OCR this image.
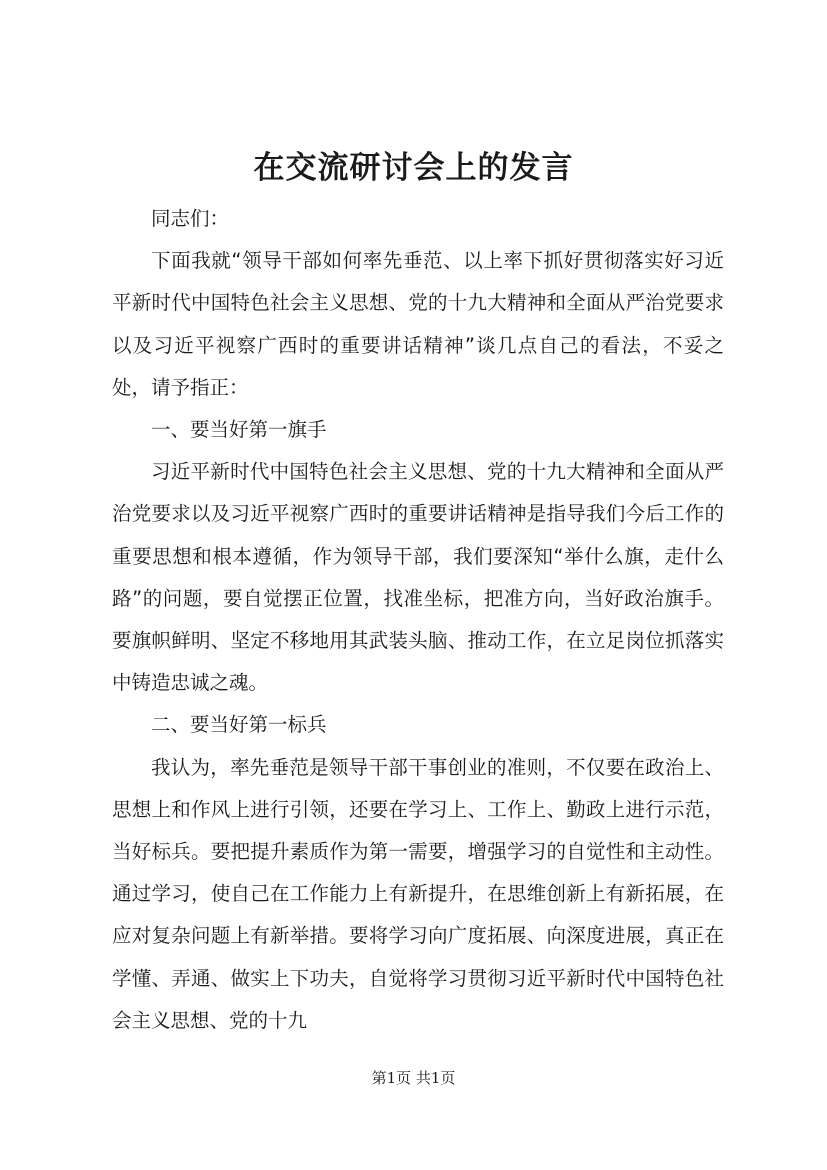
在交流研讨会上的发言

同志们：

下面我就“领导干部如何率先垂范、以上率下抓好贯彻落实好习近平新时代中国特色社会主义思想、党的十九大精神和全面从严治党要求以及习近平视察广西时的重要讲话精神”谈几点自己的看法，不妥之处，请予指正：

一、要当好第一旗手

习近平新时代中国特色社会主义思想、党的十九大精神和全面从严治党要求以及习近平视察广西时的重要讲话精神是指导我们今后工作的重要思想和根本遵循，作为领导干部，我们要深知“举什么旗，走什么路”的问题，要自觉摆正位置，找准坐标，把准方向，当好政治旗手。要旗帜鲜明、坚定不移地用其武装头脑、推动工作，在立足岗位抓落实中铸造忠诚之魂。

二、要当好第一标兵

我认为，率先垂范是领导干部干事创业的准则，不仅要在政治上、思想上和作风上进行引领，还要在学习上、工作上、勤政上进行示范，当好标兵。要把提升素质作为第一需要，增强学习的自觉性和主动性。通过学习，使自己在工作能力上有新提升，在思维创新上有新拓展，在应对复杂问题上有新举措。要将学习向广度拓展、向深度进展，真正在学懂、弄通、做实上下功夫，自觉将学习贯彻习近平新时代中国特色社会主义思想、党的十九

第1页 共1页
